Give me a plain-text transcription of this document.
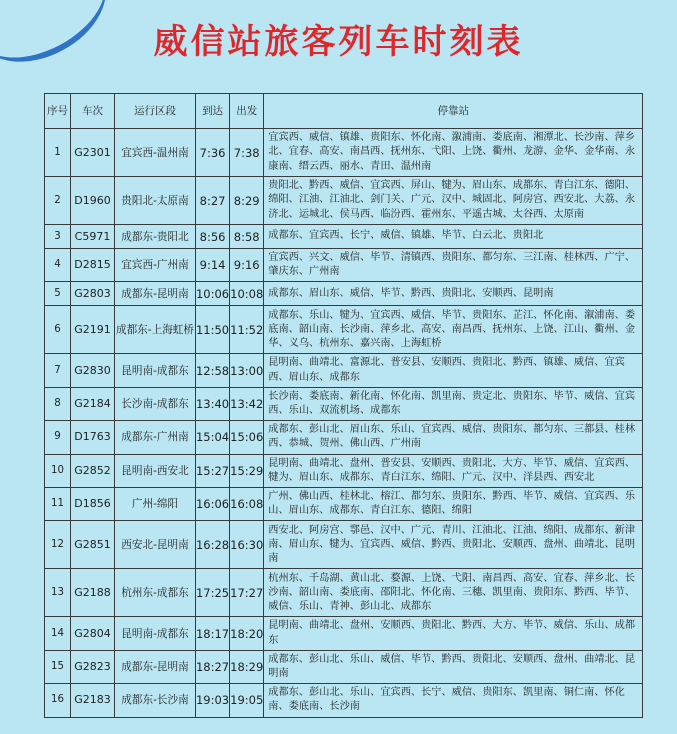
威信站旅客列车时刻表
序号	车次	运行区段	到达	出发	停靠站
1	G2301	宜宾西-温州南	7:36	7:38	宜宾西、威信、镇雄、贵阳东、怀化南、溆浦南、娄底南、湘潭北、长沙南、萍乡北、宜春、高安、南昌西、抚州东、弋阳、上饶、衢州、龙游、金华、金华南、永康南、缙云西、丽水、青田、温州南
2	D1960	贵阳北-太原南	8:27	8:29	贵阳北、黔西、威信、宜宾西、屏山、犍为、眉山东、成都东、青白江东、德阳、绵阳、江油、江油北、剑门关、广元、汉中、城固北、阿房宫、西安北、大荔、永济北、运城北、侯马西、临汾西、霍州东、平遥古城、太谷西、太原南
3	C5971	成都东-贵阳北	8:56	8:58	成都东、宜宾西、长宁、威信、镇雄、毕节、白云北、贵阳北
4	D2815	宜宾西-广州南	9:14	9:16	宜宾西、兴文、威信、毕节、清镇西、贵阳东、都匀东、三江南、桂林西、广宁、肇庆东、广州南
5	G2803	成都东-昆明南	10:06	10:08	成都东、眉山东、威信、毕节、黔西、贵阳北、安顺西、昆明南
6	G2191	成都东-上海虹桥	11:50	11:52	成都东、乐山、犍为、宜宾西、威信、毕节、贵阳东、芷江、怀化南、溆浦南、娄底南、韶山南、长沙南、萍乡北、高安、南昌西、抚州东、上饶、江山、衢州、金华、义乌、杭州东、嘉兴南、上海虹桥
7	G2830	昆明南-成都东	12:58	13:00	昆明南、曲靖北、富源北、普安县、安顺西、贵阳北、黔西、镇雄、威信、宜宾西、眉山东、成都东
8	G2184	长沙南-成都东	13:40	13:42	长沙南、娄底南、新化南、怀化南、凯里南、贵定北、贵阳东、毕节、威信、宜宾西、乐山、双流机场、成都东
9	D1763	成都东-广州南	15:04	15:06	成都东、彭山北、眉山东、乐山、宜宾西、威信、贵阳东、都匀东、三都县、桂林西、恭城、贺州、佛山西、广州南
10	G2852	昆明南-西安北	15:27	15:29	昆明南、曲靖北、盘州、普安县、安顺西、贵阳北、大方、毕节、威信、宜宾西、犍为、眉山东、成都东、青白江东、绵阳、广元、汉中、洋县西、西安北
11	D1856	广州-绵阳	16:06	16:08	广州、佛山西、桂林北、榕江、都匀东、贵阳东、黔西、毕节、威信、宜宾西、乐山、眉山东、成都东、青白江东、德阳、绵阳
12	G2851	西安北-昆明南	16:28	16:30	西安北、阿房宫、鄠邑、汉中、广元、青川、江油北、江油、绵阳、成都东、新津南、眉山东、犍为、宜宾西、威信、黔西、贵阳北、安顺西、盘州、曲靖北、昆明南
13	G2188	杭州东-成都东	17:25	17:27	杭州东、千岛湖、黄山北、婺源、上饶、弋阳、南昌西、高安、宜春、萍乡北、长沙南、韶山南、娄底南、邵阳北、怀化南、三穗、凯里南、贵阳东、黔西、毕节、威信、乐山、青神、彭山北、成都东
14	G2804	昆明南-成都东	18:17	18:20	昆明南、曲靖北、盘州、安顺西、贵阳北、黔西、大方、毕节、威信、乐山、成都东
15	G2823	成都东-昆明南	18:27	18:29	成都东、彭山北、乐山、威信、毕节、黔西、贵阳北、安顺西、盘州、曲靖北、昆明南
16	G2183	成都东-长沙南	19:03	19:05	成都东、彭山北、乐山、宜宾西、长宁、威信、贵阳东、凯里南、铜仁南、怀化南、娄底南、长沙南
